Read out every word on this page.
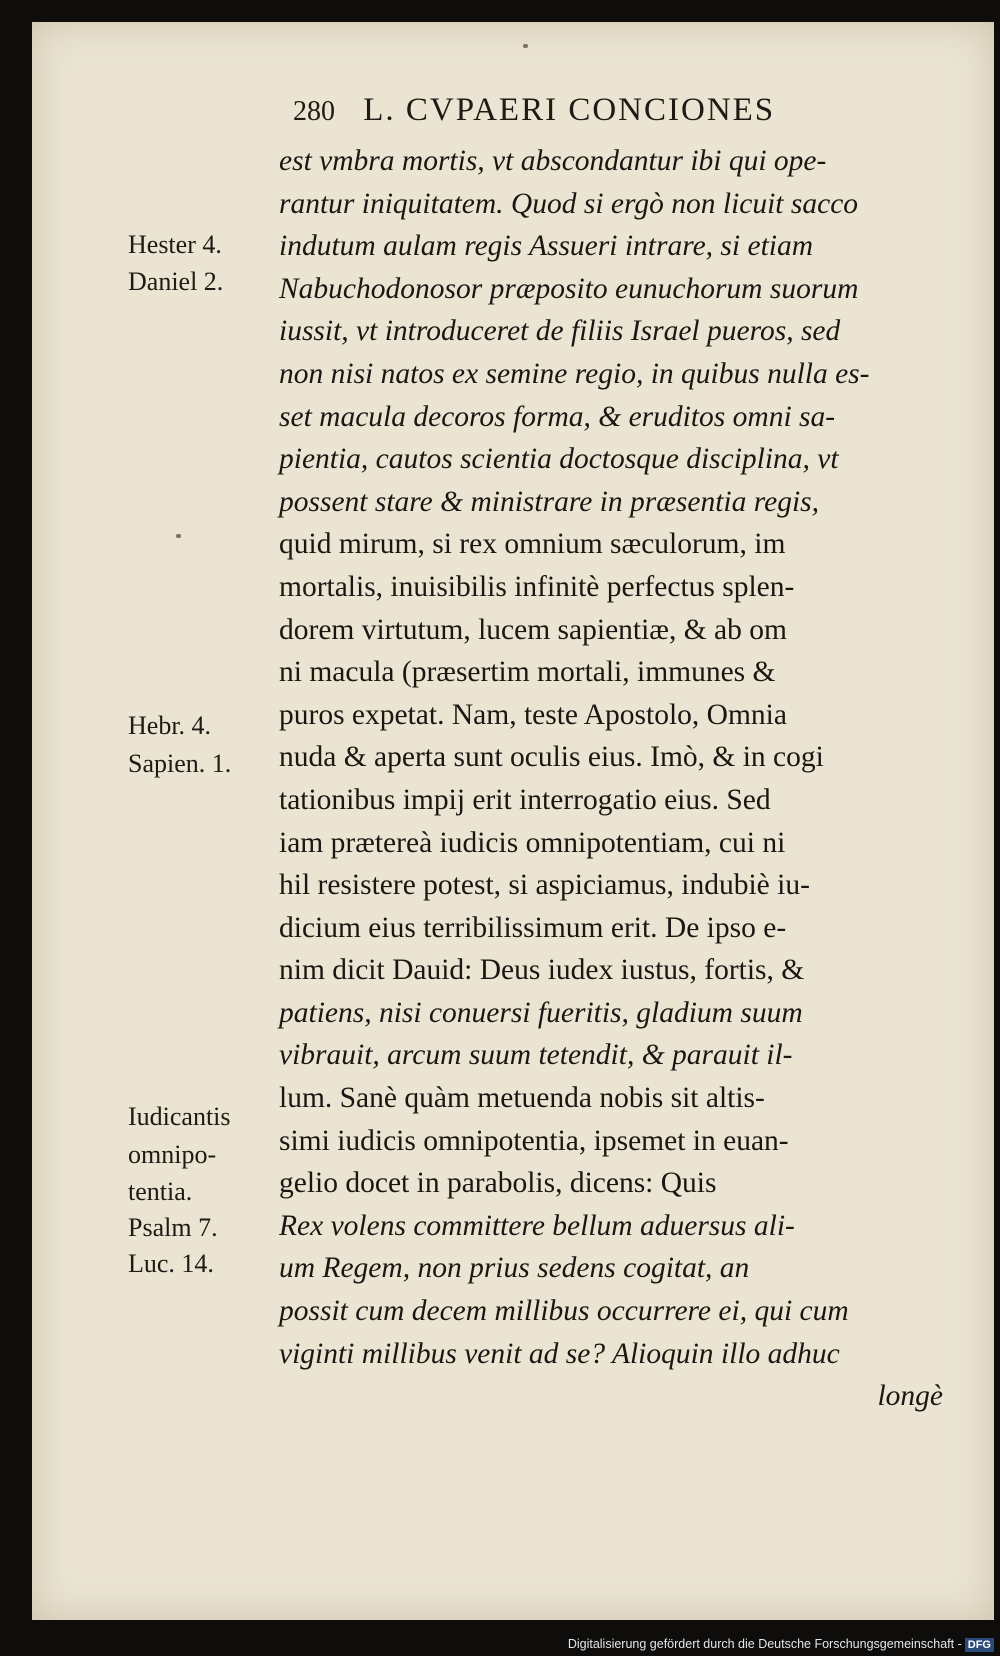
280 L. CVPAERI CONCIONES
est vmbra mortis, vt abscondantur ibi qui ope-
rantur iniquitatem. Quod si ergò non licuit sacco
indutum aulam regis Assueri intrare, si etiam
Nabuchodonosor præposito eunuchorum suorum
iussit, vt introduceret de filiis Israel pueros, sed
non nisi natos ex semine regio, in quibus nulla es-
set macula decoros forma, & eruditos omni sa-
pientia, cautos scientia doctosque disciplina, vt
possent stare & ministrare in præsentia regis,
quid mirum, si rex omnium sæculorum, im
mortalis, inuisibilis infinitè perfectus splen-
dorem virtutum, lucem sapientiæ, & ab om
ni macula (præsertim mortali, immunes &
puros expetat. Nam, teste Apostolo, Omnia
nuda & aperta sunt oculis eius. Imò, & in cogi
tationibus impij erit interrogatio eius. Sed
iam prætereà iudicis omnipotentiam, cui ni
hil resistere potest, si aspiciamus, indubiè iu-
dicium eius terribilissimum erit. De ipso e-
nim dicit Dauid: Deus iudex iustus, fortis, &
patiens, nisi conuersi fueritis, gladium suum
vibrauit, arcum suum tetendit, & parauit il-
lum. Sanè quàm metuenda nobis sit altis-
simi iudicis omnipotentia, ipsemet in euan-
gelio docet in parabolis, dicens: Quis
Rex volens committere bellum aduersus ali-
um Regem, non prius sedens cogitat, an
possit cum decem millibus occurrere ei, qui cum
viginti millibus venit ad se? Alioquin illo adhuc
longè
Hester 4.
Daniel 2.
Hebr. 4.
Sapien. 1.
Iudicantis
omnipo-
tentia.
Psalm 7.
Luc. 14.
Digitalisierung gefördert durch die Deutsche Forschungsgemeinschaft - DFG
